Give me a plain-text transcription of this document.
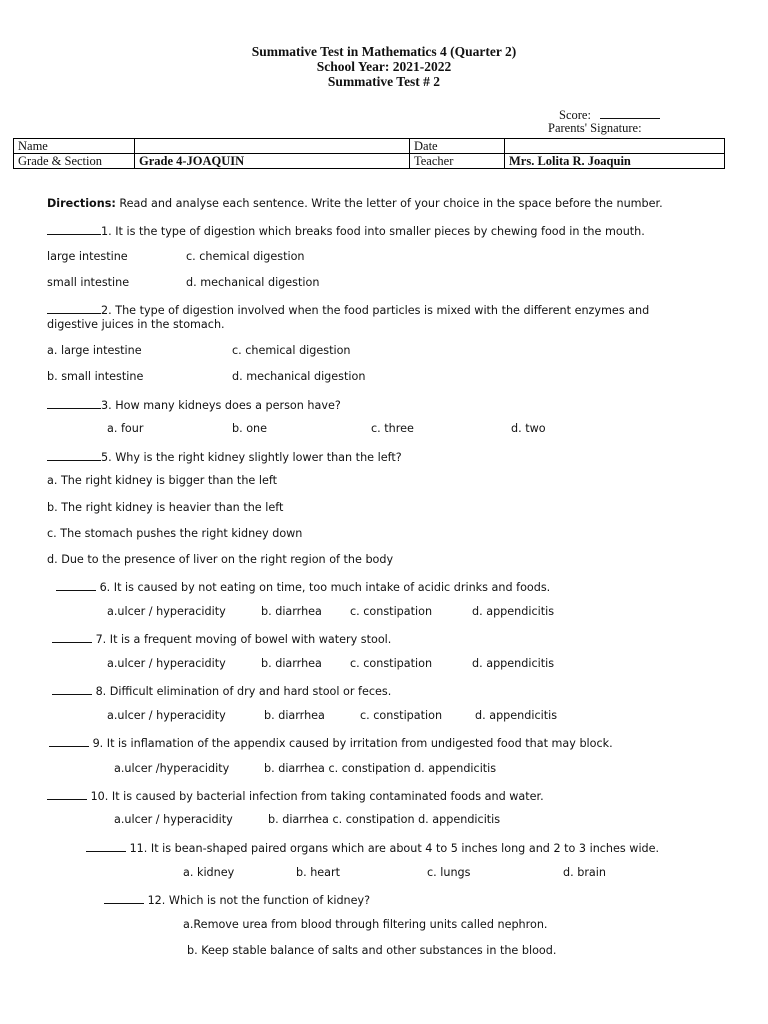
Summative Test in Mathematics 4 (Quarter 2)
School Year: 2021-2022
Summative Test # 2
Score:
Parents' Signature:
Name		Date	
Grade & Section	Grade 4-JOAQUIN	Teacher	Mrs. Lolita R. Joaquin
Directions: Read and analyse each sentence. Write the letter of your choice in the space before the number.
1. It is the type of digestion which breaks food into smaller pieces by chewing food in the mouth.
large intestine	c. chemical digestion
small intestine	d. mechanical digestion
2. The type of digestion involved when the food particles is mixed with the different enzymes and
digestive juices in the stomach.
a. large intestine	c. chemical digestion
b. small intestine	d. mechanical digestion
3. How many kidneys does a person have?
a. four	b. one	c. three	d. two
5. Why is the right kidney slightly lower than the left?
a. The right kidney is bigger than the left
b. The right kidney is heavier than the left
c. The stomach pushes the right kidney down
d. Due to the presence of liver on the right region of the body
6. It is caused by not eating on time, too much intake of acidic drinks and foods.
a.ulcer / hyperacidity	b. diarrhea	c. constipation	d. appendicitis
7. It is a frequent moving of bowel with watery stool.
a.ulcer / hyperacidity	b. diarrhea	c. constipation	d. appendicitis
8. Difficult elimination of dry and hard stool or feces.
a.ulcer / hyperacidity	b. diarrhea	c. constipation	d. appendicitis
9. It is inflamation of the appendix caused by irritation from undigested food that may block.
a.ulcer /hyperacidity	b. diarrhea c. constipation d. appendicitis
10. It is caused by bacterial infection from taking contaminated foods and water.
a.ulcer / hyperacidity	b. diarrhea c. constipation d. appendicitis
11. It is bean-shaped paired organs which are about 4 to 5 inches long and 2 to 3 inches wide.
a. kidney	b. heart	c. lungs	d. brain
12. Which is not the function of kidney?
a.Remove urea from blood through filtering units called nephron.
b. Keep stable balance of salts and other substances in the blood.
